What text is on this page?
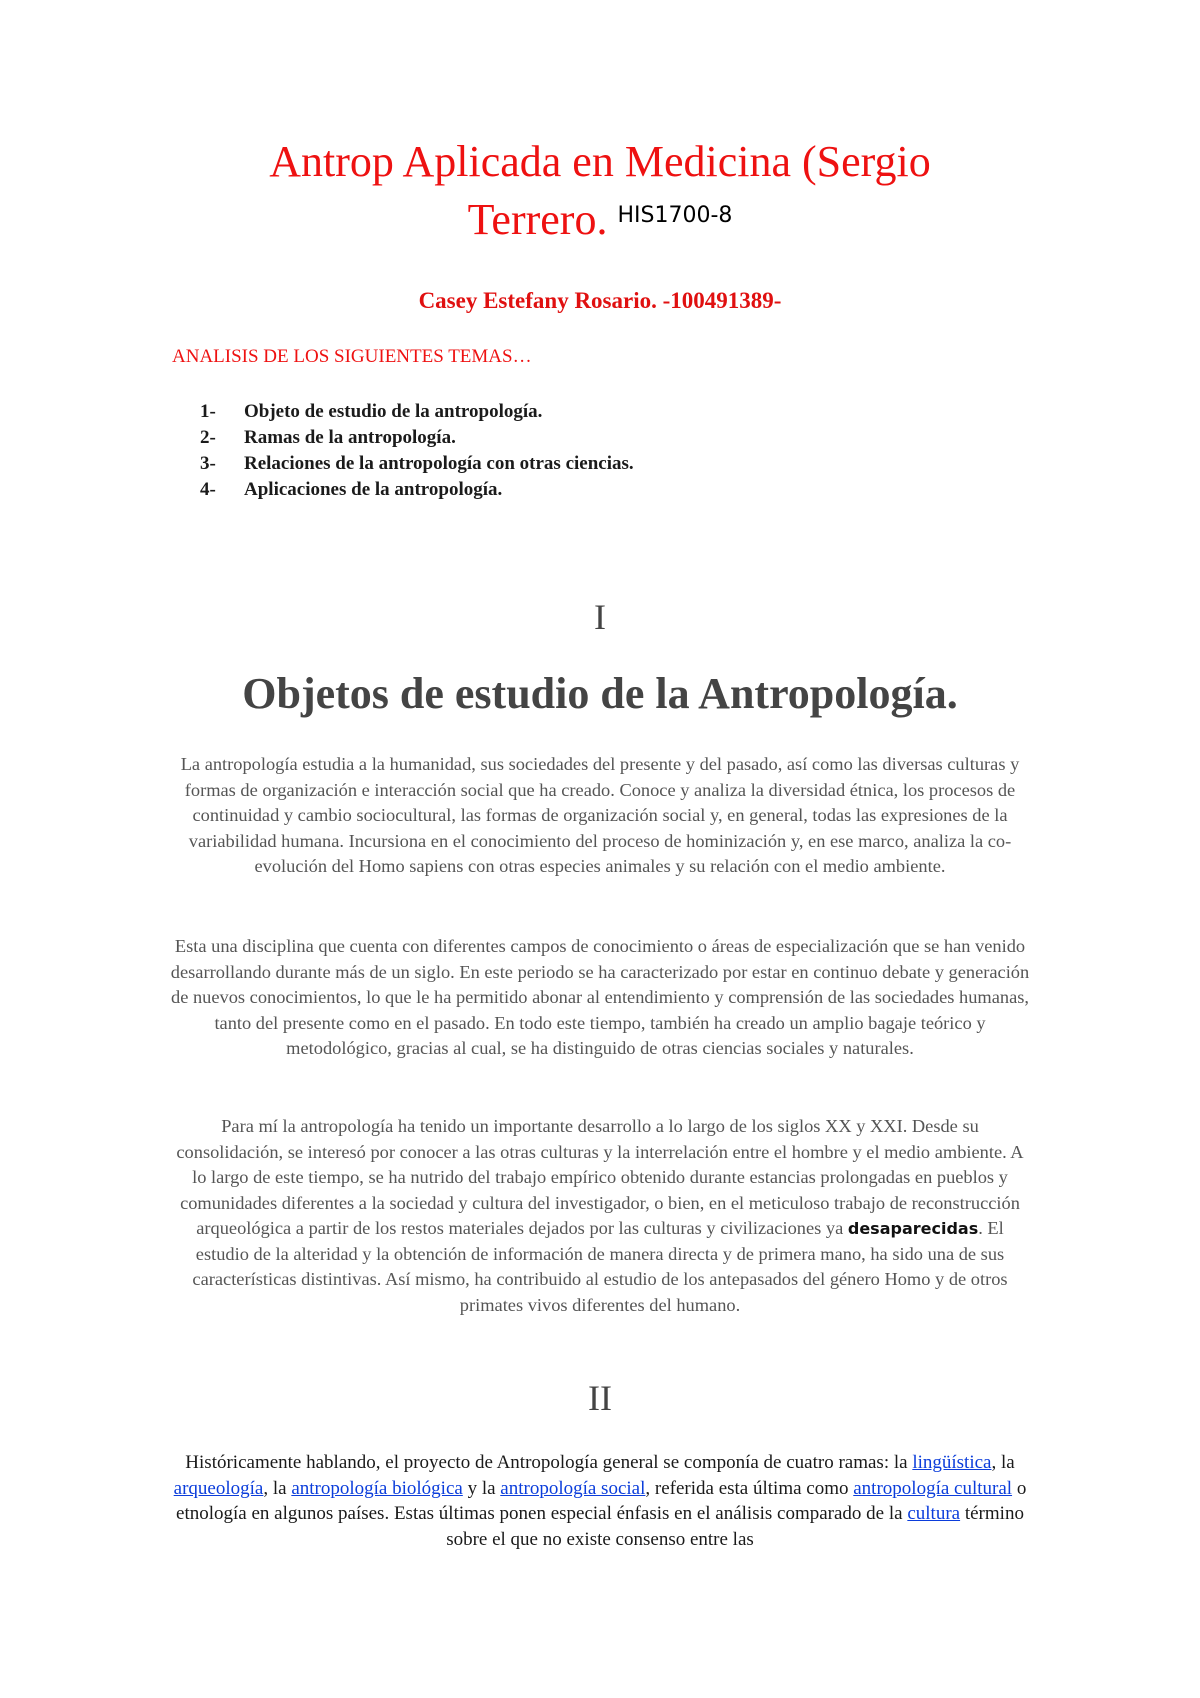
Antrop Aplicada en Medicina (Sergio
Terrero. $^{HIS1700-8}$
Casey Estefany Rosario. -100491389-
ANALISIS DE LOS SIGUIENTES TEMAS…
1- Objeto de estudio de la antropología.
2- Ramas de la antropología.
3- Relaciones de la antropología con otras ciencias.
4- Aplicaciones de la antropología.
I
Objetos de estudio de la Antropología.

La antropología estudia a la humanidad, sus sociedades del presente y del pasado, así como las diversas culturas y formas de organización e interacción social que ha creado. Conoce y analiza la diversidad étnica, los procesos de continuidad y cambio sociocultural, las formas de organización social y, en general, todas las expresiones de la variabilidad humana. Incursiona en el conocimiento del proceso de hominización y, en ese marco, analiza la co-evolución del Homo sapiens con otras especies animales y su relación con el medio ambiente.

Esta una disciplina que cuenta con diferentes campos de conocimiento o áreas de especialización que se han venido desarrollando durante más de un siglo. En este periodo se ha caracterizado por estar en continuo debate y generación de nuevos conocimientos, lo que le ha permitido abonar al entendimiento y comprensión de las sociedades humanas, tanto del presente como en el pasado. En todo este tiempo, también ha creado un amplio bagaje teórico y metodológico, gracias al cual, se ha distinguido de otras ciencias sociales y naturales.

Para mí la antropología ha tenido un importante desarrollo a lo largo de los siglos XX y XXI. Desde su consolidación, se interesó por conocer a las otras culturas y la interrelación entre el hombre y el medio ambiente. A lo largo de este tiempo, se ha nutrido del trabajo empírico obtenido durante estancias prolongadas en pueblos y comunidades diferentes a la sociedad y cultura del investigador, o bien, en el meticuloso trabajo de reconstrucción arqueológica a partir de los restos materiales dejados por las culturas y civilizaciones ya desaparecidas. El estudio de la alteridad y la obtención de información de manera directa y de primera mano, ha sido una de sus características distintivas. Así mismo, ha contribuido al estudio de los antepasados del género Homo y de otros primates vivos diferentes del humano.

II

Históricamente hablando, el proyecto de Antropología general se componía de cuatro ramas: la lingüística, la arqueología, la antropología biológica y la antropología social, referida esta última como antropología cultural o etnología en algunos países. Estas últimas ponen especial énfasis en el análisis comparado de la cultura término sobre el que no existe consenso entre las
